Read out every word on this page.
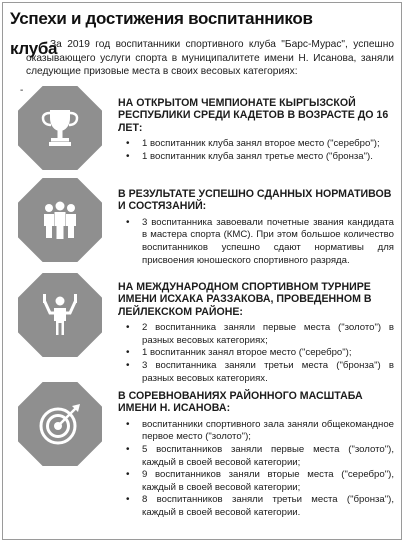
Успехи и достижения воспитанников клуба
За 2019 год воспитанники спортивного клуба "Барс-Мурас", успешно оказывающего услуги спорта в муниципалитете имени Н. Исанова, заняли следующие призовые места в своих весовых категориях:
-
НА ОТКРЫТОМ ЧЕМПИОНАТЕ КЫРГЫЗСКОЙ РЕСПУБЛИКИ СРЕДИ КАДЕТОВ В ВОЗРАСТЕ ДО 16 ЛЕТ:
• 1 воспитанник клуба занял второе место ("серебро");
• 1 воспитанник клуба занял третье место ("бронза").
В РЕЗУЛЬТАТЕ УСПЕШНО СДАННЫХ НОРМАТИВОВ И СОСТЯЗАНИЙ:
• 3 воспитанника завоевали почетные звания кандидата в мастера спорта (КМС). При этом большое количество воспитанников успешно сдают нормативы для присвоения юношеского спортивного разряда.
НА МЕЖДУНАРОДНОМ СПОРТИВНОМ ТУРНИРЕ ИМЕНИ ИСХАКА РАЗЗАКОВА, ПРОВЕДЕННОМ В ЛЕЙЛЕКСКОМ РАЙОНЕ:
• 2 воспитанника заняли первые места ("золото") в разных весовых категориях;
• 1 воспитанник занял второе место ("серебро");
• 3 воспитанника заняли третьи места ("бронза") в разных весовых категориях.
В СОРЕВНОВАНИЯХ РАЙОННОГО МАСШТАБА ИМЕНИ Н. ИСАНОВА:
• воспитанники спортивного зала заняли общекомандное первое место ("золото");
• 5 воспитанников заняли первые места ("золото"), каждый в своей весовой категории;
• 9 воспитанников заняли вторые места ("серебро"), каждый в своей весовой категории;
• 8 воспитанников заняли третьи места ("бронза"), каждый в своей весовой категории.
